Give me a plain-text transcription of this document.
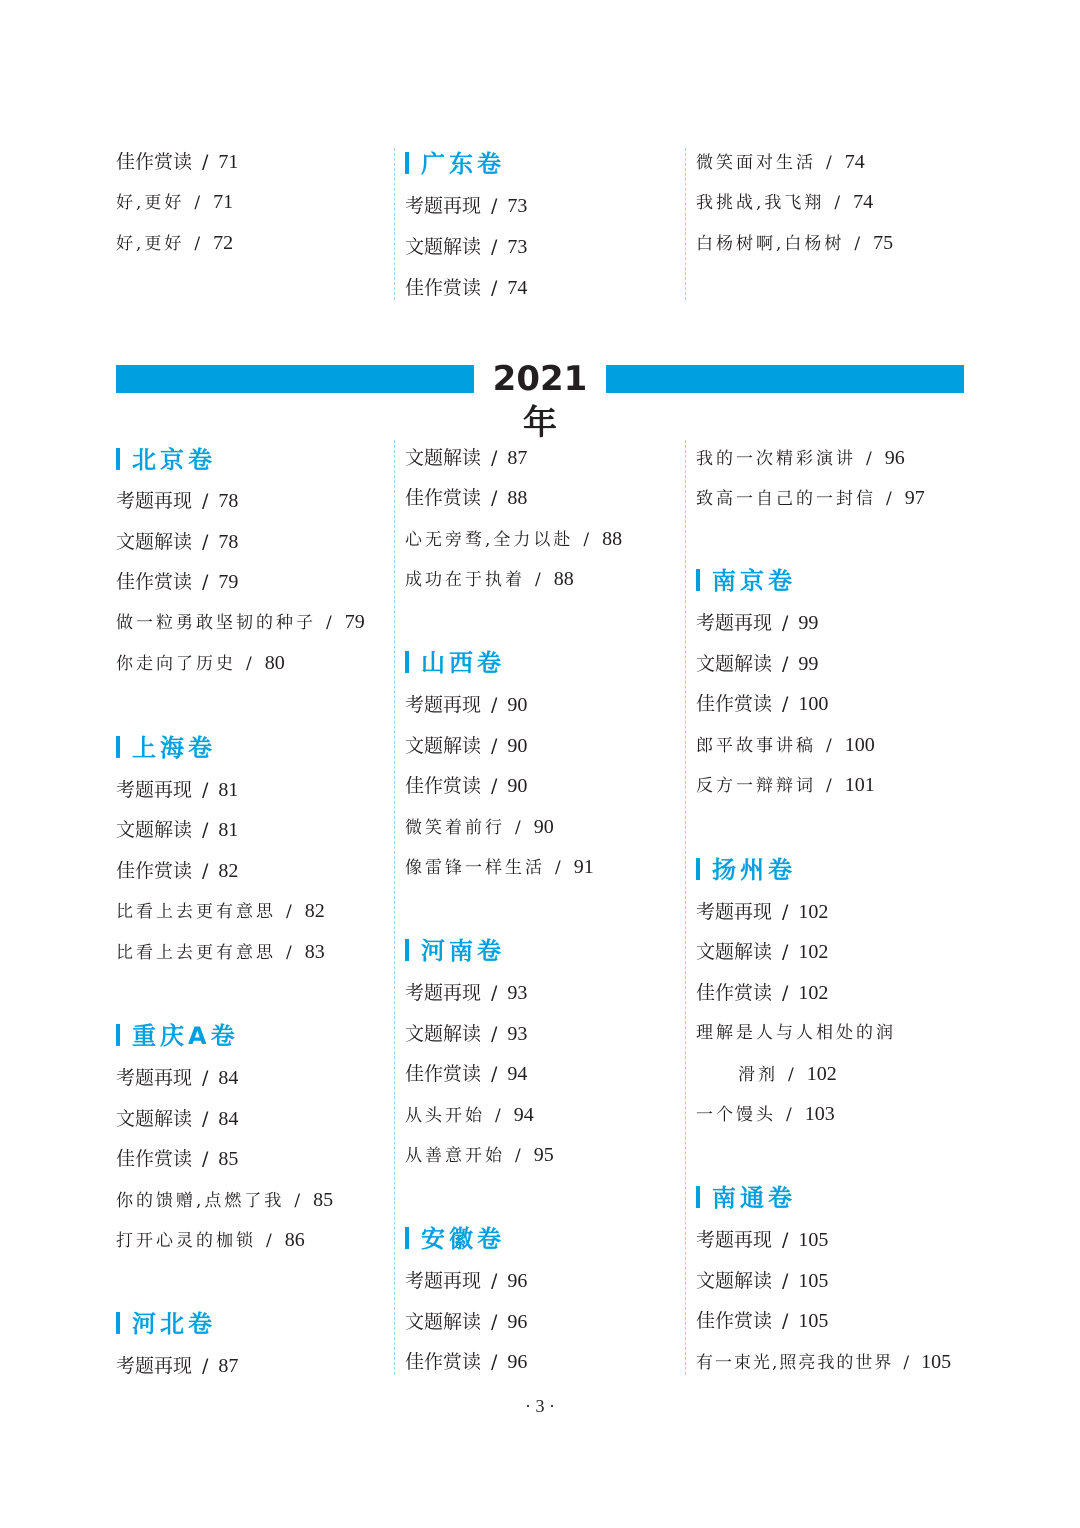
佳作赏读 / 71
好,更好 / 71
好,更好 / 72
广东卷
考题再现 / 73
文题解读 / 73
佳作赏读 / 74
微笑面对生活 / 74
我挑战,我飞翔 / 74
白杨树啊,白杨树 / 75
2021年
北京卷
考题再现 / 78
文题解读 / 78
佳作赏读 / 79
做一粒勇敢坚韧的种子 / 79
你走向了历史 / 80
上海卷
考题再现 / 81
文题解读 / 81
佳作赏读 / 82
比看上去更有意思 / 82
比看上去更有意思 / 83
重庆A卷
考题再现 / 84
文题解读 / 84
佳作赏读 / 85
你的馈赠,点燃了我 / 85
打开心灵的枷锁 / 86
河北卷
考题再现 / 87
文题解读 / 87
佳作赏读 / 88
心无旁骛,全力以赴 / 88
成功在于执着 / 88
山西卷
考题再现 / 90
文题解读 / 90
佳作赏读 / 90
微笑着前行 / 90
像雷锋一样生活 / 91
河南卷
考题再现 / 93
文题解读 / 93
佳作赏读 / 94
从头开始 / 94
从善意开始 / 95
安徽卷
考题再现 / 96
文题解读 / 96
佳作赏读 / 96
我的一次精彩演讲 / 96
致高一自己的一封信 / 97
南京卷
考题再现 / 99
文题解读 / 99
佳作赏读 / 100
郎平故事讲稿 / 100
反方一辩辩词 / 101
扬州卷
考题再现 / 102
文题解读 / 102
佳作赏读 / 102
理解是人与人相处的润
滑剂 / 102
一个馒头 / 103
南通卷
考题再现 / 105
文题解读 / 105
佳作赏读 / 105
有一束光,照亮我的世界 / 105
· 3 ·
